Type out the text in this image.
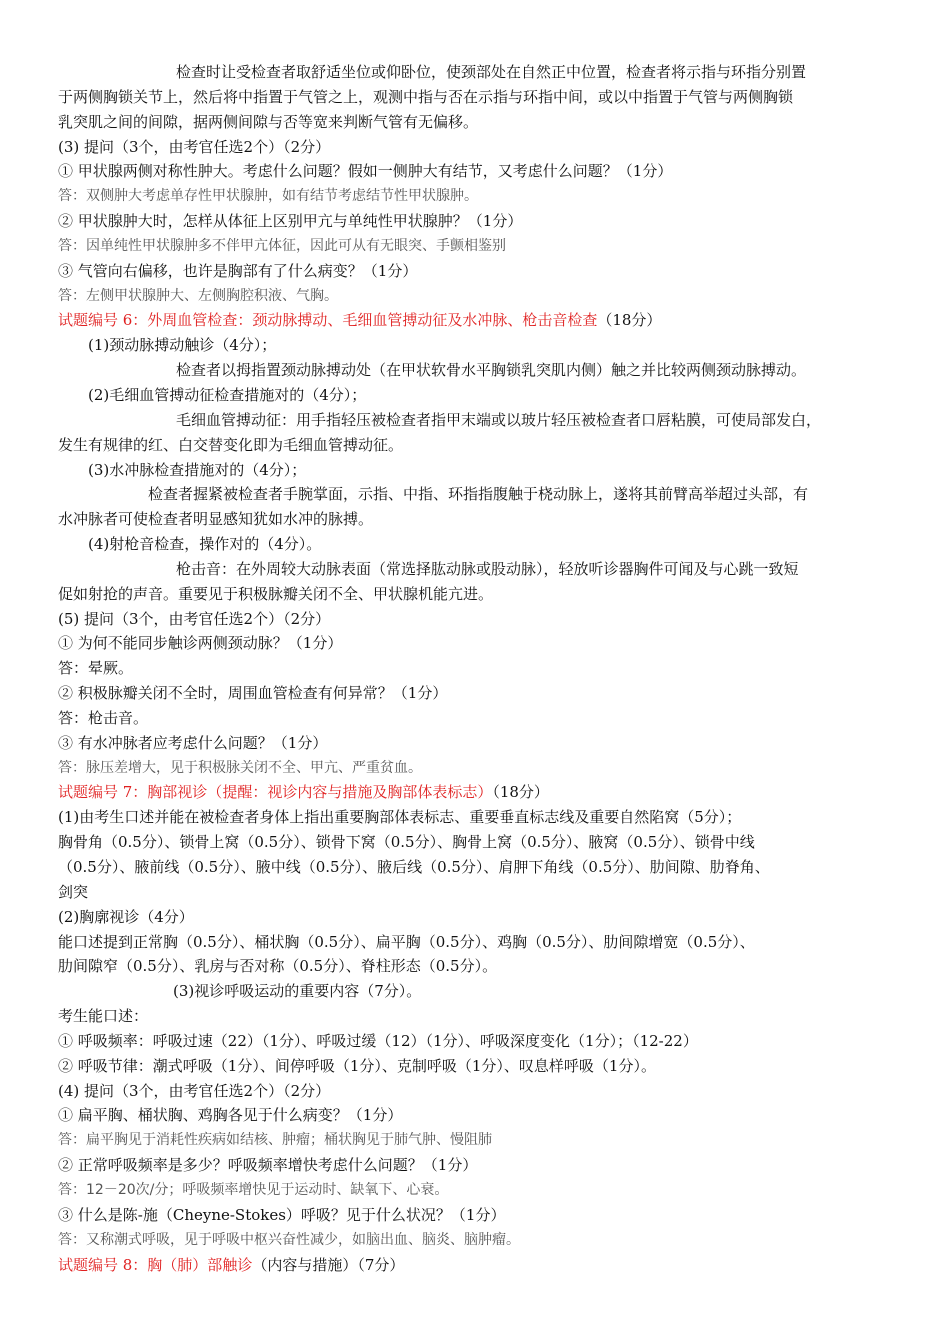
检查时让受检查者取舒适坐位或仰卧位，使颈部处在自然正中位置，检查者将示指与环指分别置
于两侧胸锁关节上，然后将中指置于气管之上，观测中指与否在示指与环指中间，或以中指置于气管与两侧胸锁
乳突肌之间的间隙，据两侧间隙与否等宽来判断气管有无偏移。
(3) 提问（3个，由考官任选2个）（2分）
① 甲状腺两侧对称性肿大。考虑什么问题？假如一侧肿大有结节，又考虑什么问题？（1分）
答：双侧肿大考虑单存性甲状腺肿，如有结节考虑结节性甲状腺肿。
② 甲状腺肿大时，怎样从体征上区别甲亢与单纯性甲状腺肿？（1分）
答：因单纯性甲状腺肿多不伴甲亢体征，因此可从有无眼突、手颤相鉴别
③ 气管向右偏移，也许是胸部有了什么病变？（1分）
答：左侧甲状腺肿大、左侧胸腔积液、气胸。
试题编号 6：外周血管检查：颈动脉搏动、毛细血管搏动征及水冲脉、枪击音检查（18分）
(1)颈动脉搏动触诊（4分）；
检查者以拇指置颈动脉搏动处（在甲状软骨水平胸锁乳突肌内侧）触之并比较两侧颈动脉搏动。
(2)毛细血管搏动征检查措施对的（4分）；
毛细血管搏动征：用手指轻压被检查者指甲末端或以玻片轻压被检查者口唇粘膜，可使局部发白，
发生有规律的红、白交替变化即为毛细血管搏动征。
(3)水冲脉检查措施对的（4分）；
检查者握紧被检查者手腕掌面，示指、中指、环指指腹触于桡动脉上，遂将其前臂高举超过头部，有
水冲脉者可使检查者明显感知犹如水冲的脉搏。
(4)射枪音检查，操作对的（4分）。
枪击音：在外周较大动脉表面（常选择肱动脉或股动脉），轻放听诊器胸件可闻及与心跳一致短
促如射抢的声音。重要见于积极脉瓣关闭不全、甲状腺机能亢进。
(5) 提问（3个，由考官任选2个）（2分）
① 为何不能同步触诊两侧颈动脉？（1分）
答：晕厥。
② 积极脉瓣关闭不全时，周围血管检查有何异常？（1分）
答：枪击音。
③ 有水冲脉者应考虑什么问题？（1分）
答：脉压差增大，见于积极脉关闭不全、甲亢、严重贫血。
试题编号 7：胸部视诊（提醒：视诊内容与措施及胸部体表标志）（18分）
(1)由考生口述并能在被检查者身体上指出重要胸部体表标志、重要垂直标志线及重要自然陷窝（5分）；
胸骨角（0.5分）、锁骨上窝（0.5分）、锁骨下窝（0.5分）、胸骨上窝（0.5分）、腋窝（0.5分）、锁骨中线
（0.5分）、腋前线（0.5分）、腋中线（0.5分）、腋后线（0.5分）、肩胛下角线（0.5分）、肋间隙、肋脊角、
剑突
(2)胸廓视诊（4分）
能口述提到正常胸（0.5分）、桶状胸（0.5分）、扁平胸（0.5分）、鸡胸（0.5分）、肋间隙增宽（0.5分）、
肋间隙窄（0.5分）、乳房与否对称（0.5分）、脊柱形态（0.5分）。
(3)视诊呼吸运动的重要内容（7分）。
考生能口述：
① 呼吸频率：呼吸过速（22）（1分）、呼吸过缓（12）（1分）、呼吸深度变化（1分）；（12-22）
② 呼吸节律：潮式呼吸（1分）、间停呼吸（1分）、克制呼吸（1分）、叹息样呼吸（1分）。
(4) 提问（3个，由考官任选2个）（2分）
① 扁平胸、桶状胸、鸡胸各见于什么病变？（1分）
答：扁平胸见于消耗性疾病如结核、肿瘤；桶状胸见于肺气肿、慢阻肺
② 正常呼吸频率是多少？呼吸频率增快考虑什么问题？（1分）
答：12－20次/分；呼吸频率增快见于运动时、缺氧下、心衰。
③ 什么是陈-施（Cheyne-Stokes）呼吸？见于什么状况？（1分）
答：又称潮式呼吸，见于呼吸中枢兴奋性减少，如脑出血、脑炎、脑肿瘤。
试题编号 8：胸（肺）部触诊（内容与措施）（7分）
